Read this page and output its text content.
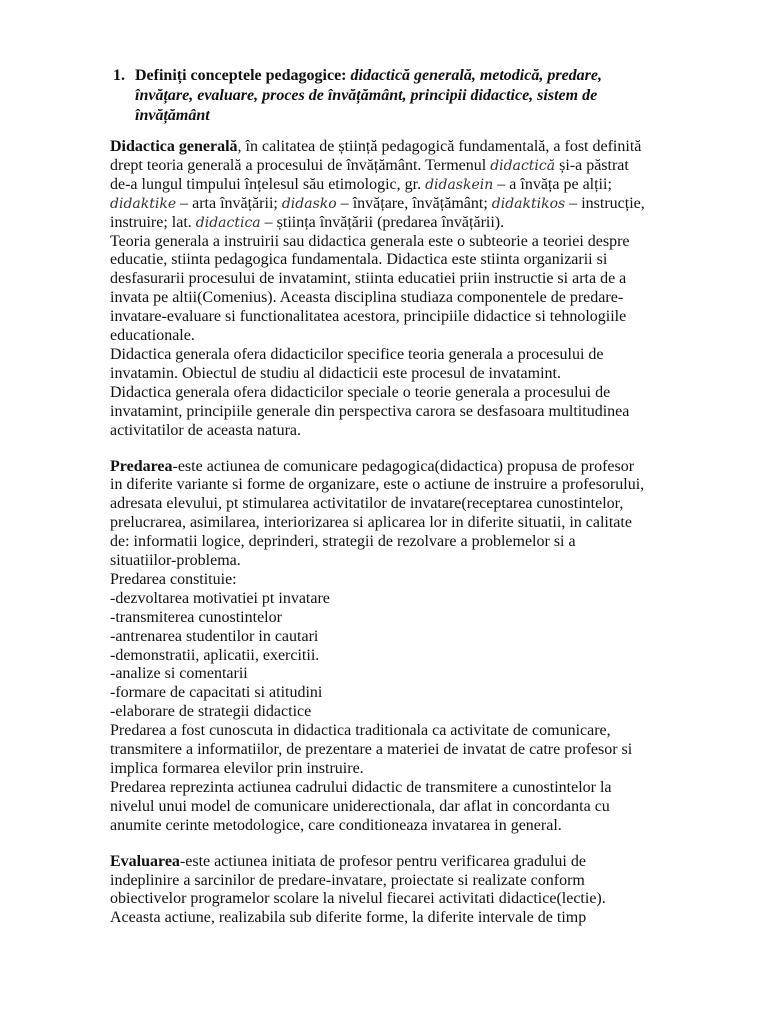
1. Definiți conceptele pedagogice: didactică generală, metodică, predare,
învățare, evaluare, proces de învățământ, principii didactice, sistem de
învățământ
Didactica generală, în calitatea de știință pedagogică fundamentală, a fost definită
drept teoria generală a procesului de învățământ. Termenul didactică și-a păstrat
de-a lungul timpului înțelesul său etimologic, gr. didaskein – a învăța pe alții;
didaktike – arta învățării; didasko – învățare, învățământ; didaktikos – instrucție,
instruire; lat. didactica – știința învățării (predarea învățării).
Teoria generala a instruirii sau didactica generala este o subteorie a teoriei despre
educatie, stiinta pedagogica fundamentala. Didactica este stiinta organizarii si
desfasurarii procesului de invatamint, stiinta educatiei priin instructie si arta de a
invata pe altii(Comenius). Aceasta disciplina studiaza componentele de predare-
invatare-evaluare si functionalitatea acestora, principiile didactice si tehnologiile
educationale.
Didactica generala ofera didacticilor specifice teoria generala a procesului de
invatamin. Obiectul de studiu al didacticii este procesul de invatamint.
Didactica generala ofera didacticilor speciale o teorie generala a procesului de
invatamint, principiile generale din perspectiva carora se desfasoara multitudinea
activitatilor de aceasta natura.
Predarea-este actiunea de comunicare pedagogica(didactica) propusa de profesor
in diferite variante si forme de organizare, este o actiune de instruire a profesorului,
adresata elevului, pt stimularea activitatilor de invatare(receptarea cunostintelor,
prelucrarea, asimilarea, interiorizarea si aplicarea lor in diferite situatii, in calitate
de: informatii logice, deprinderi, strategii de rezolvare a problemelor si a
situatiilor-problema.
Predarea constituie:
-dezvoltarea motivatiei pt invatare
-transmiterea cunostintelor
-antrenarea studentilor in cautari
-demonstratii, aplicatii, exercitii.
-analize si comentarii
-formare de capacitati si atitudini
-elaborare de strategii didactice
Predarea a fost cunoscuta in didactica traditionala ca activitate de comunicare,
transmitere a informatiilor, de prezentare a materiei de invatat de catre profesor si
implica formarea elevilor prin instruire.
Predarea reprezinta actiunea cadrului didactic de transmitere a cunostintelor la
nivelul unui model de comunicare uniderectionala, dar aflat in concordanta cu
anumite cerinte metodologice, care conditioneaza invatarea in general.
Evaluarea-este actiunea initiata de profesor pentru verificarea gradului de
indeplinire a sarcinilor de predare-invatare, proiectate si realizate conform
obiectivelor programelor scolare la nivelul fiecarei activitati didactice(lectie).
Aceasta actiune, realizabila sub diferite forme, la diferite intervale de timp
